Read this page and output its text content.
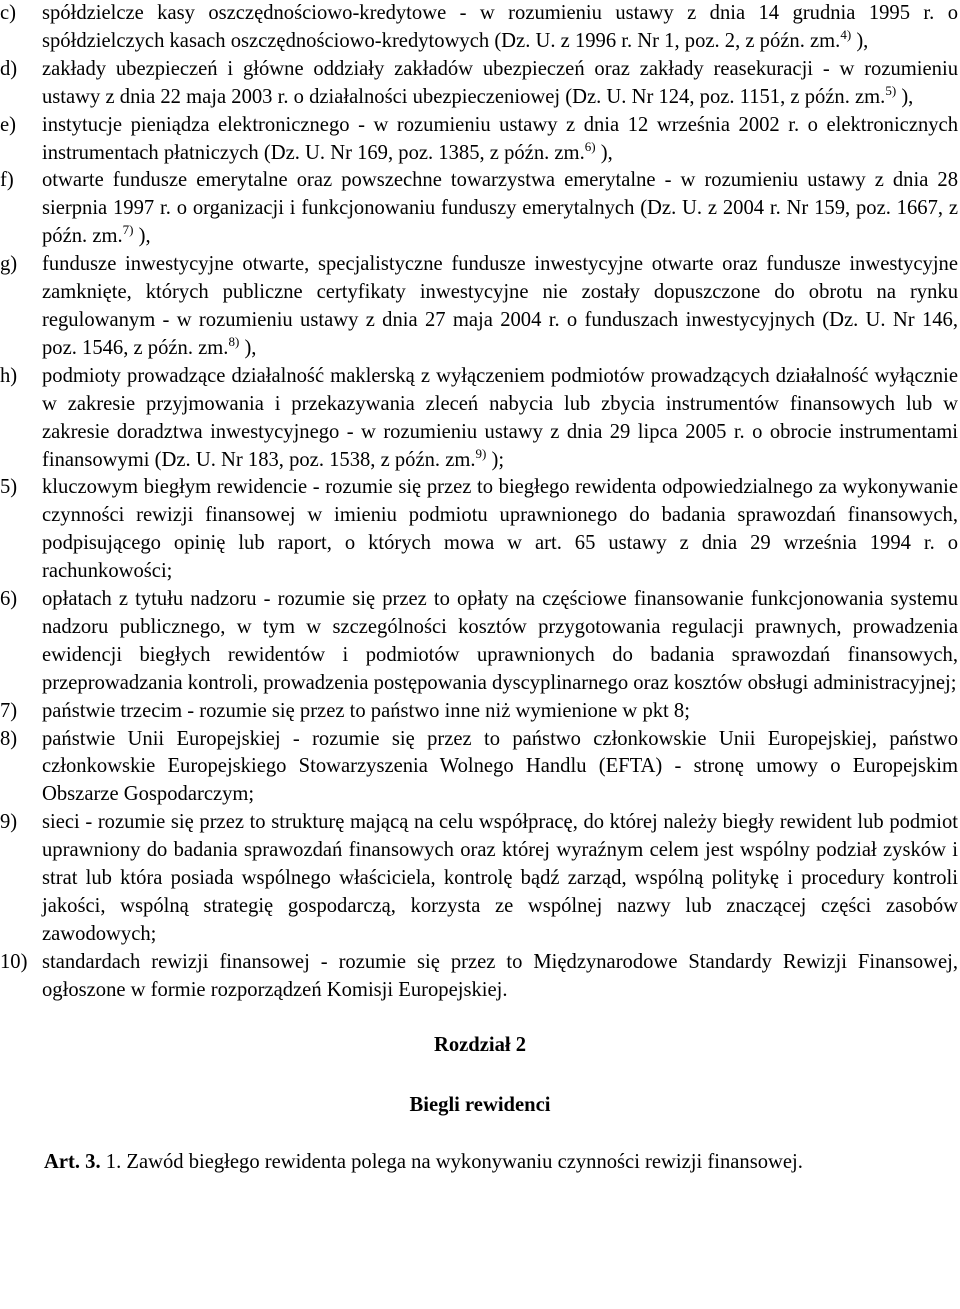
c)	spółdzielcze kasy oszczędnościowo-kredytowe - w rozumieniu ustawy z dnia 14 grudnia 1995 r. o spółdzielczych kasach oszczędnościowo-kredytowych (Dz. U. z 1996 r. Nr 1, poz. 2, z późn. zm.$^{4)}$ ),
d)	zakłady ubezpieczeń i główne oddziały zakładów ubezpieczeń oraz zakłady reasekuracji - w rozumieniu ustawy z dnia 22 maja 2003 r. o działalności ubezpieczeniowej (Dz. U. Nr 124, poz. 1151, z późn. zm.$^{5)}$ ),
e)	instytucje pieniądza elektronicznego - w rozumieniu ustawy z dnia 12 września 2002 r. o elektronicznych instrumentach płatniczych (Dz. U. Nr 169, poz. 1385, z późn. zm.$^{6)}$ ),
f)	otwarte fundusze emerytalne oraz powszechne towarzystwa emerytalne - w rozumieniu ustawy z dnia 28 sierpnia 1997 r. o organizacji i funkcjonowaniu funduszy emerytalnych (Dz. U. z 2004 r. Nr 159, poz. 1667, z późn. zm.$^{7)}$ ),
g)	fundusze inwestycyjne otwarte, specjalistyczne fundusze inwestycyjne otwarte oraz fundusze inwestycyjne zamknięte, których publiczne certyfikaty inwestycyjne nie zostały dopuszczone do obrotu na rynku regulowanym - w rozumieniu ustawy z dnia 27 maja 2004 r. o funduszach inwestycyjnych (Dz. U. Nr 146, poz. 1546, z późn. zm.$^{8)}$ ),
h)	podmioty prowadzące działalność maklerską z wyłączeniem podmiotów prowadzących działalność wyłącznie w zakresie przyjmowania i przekazywania zleceń nabycia lub zbycia instrumentów finansowych lub w zakresie doradztwa inwestycyjnego - w rozumieniu ustawy z dnia 29 lipca 2005 r. o obrocie instrumentami finansowymi (Dz. U. Nr 183, poz. 1538, z późn. zm.$^{9)}$ );
5)	kluczowym biegłym rewidencie - rozumie się przez to biegłego rewidenta odpowiedzialnego za wykonywanie czynności rewizji finansowej w imieniu podmiotu uprawnionego do badania sprawozdań finansowych, podpisującego opinię lub raport, o których mowa w art. 65 ustawy z dnia 29 września 1994 r. o rachunkowości;
6)	opłatach z tytułu nadzoru - rozumie się przez to opłaty na częściowe finansowanie funkcjonowania systemu nadzoru publicznego, w tym w szczególności kosztów przygotowania regulacji prawnych, prowadzenia ewidencji biegłych rewidentów i podmiotów uprawnionych do badania sprawozdań finansowych, przeprowadzania kontroli, prowadzenia postępowania dyscyplinarnego oraz kosztów obsługi administracyjnej;
7)	państwie trzecim - rozumie się przez to państwo inne niż wymienione w pkt 8;
8)	państwie Unii Europejskiej - rozumie się przez to państwo członkowskie Unii Europejskiej, państwo członkowskie Europejskiego Stowarzyszenia Wolnego Handlu (EFTA) - stronę umowy o Europejskim Obszarze Gospodarczym;
9)	sieci - rozumie się przez to strukturę mającą na celu współpracę, do której należy biegły rewident lub podmiot uprawniony do badania sprawozdań finansowych oraz której wyraźnym celem jest wspólny podział zysków i strat lub która posiada wspólnego właściciela, kontrolę bądź zarząd, wspólną politykę i procedury kontroli jakości, wspólną strategię gospodarczą, korzysta ze wspólnej nazwy lub znaczącej części zasobów zawodowych;
10) standardach rewizji finansowej - rozumie się przez to Międzynarodowe Standardy Rewizji Finansowej, ogłoszone w formie rozporządzeń Komisji Europejskiej.
Rozdział 2
Biegli rewidenci
Art. 3. 1. Zawód biegłego rewidenta polega na wykonywaniu czynności rewizji finansowej.
